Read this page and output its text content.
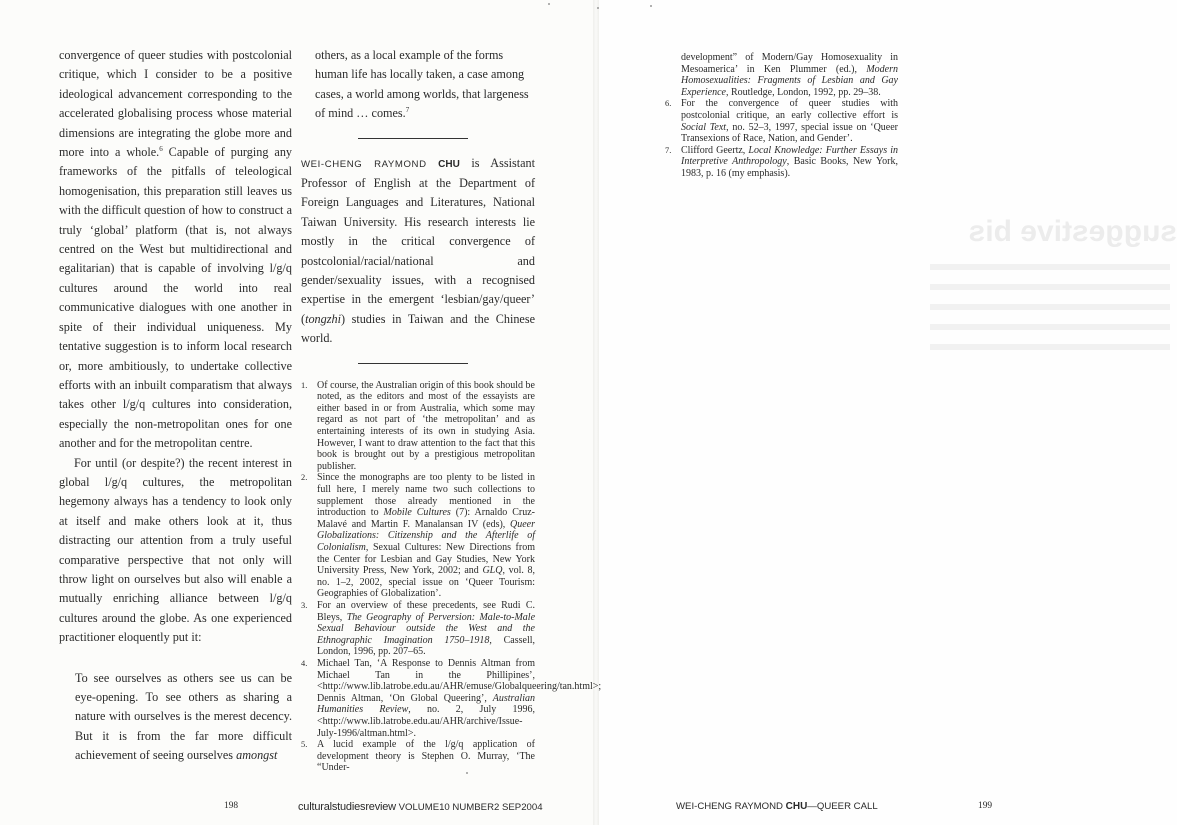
suggestive bis

convergence of queer studies with postcolonial critique, which I consider to be a positive ideological advancement corresponding to the accelerated globalising process whose material dimensions are integrating the globe more and more into a whole.$^6$ Capable of purging any frameworks of the pitfalls of teleological homogenisation, this preparation still leaves us with the difficult question of how to construct a truly ‘global’ platform (that is, not always centred on the West but multidirectional and egalitarian) that is capable of involving l/g/q cultures around the world into real communicative dialogues with one another in spite of their individual uniqueness. My tentative suggestion is to inform local research or, more ambitiously, to undertake collective efforts with an inbuilt comparatism that always takes other l/g/q cultures into consideration, especially the non-metropolitan ones for one another and for the metropolitan centre.

For until (or despite?) the recent interest in global l/g/q cultures, the metropolitan hegemony always has a tendency to look only at itself and make others look at it, thus distracting our attention from a truly useful comparative perspective that not only will throw light on ourselves but also will enable a mutually enriching alliance between l/g/q cultures around the globe. As one experienced practitioner eloquently put it:

To see ourselves as others see us can be eye-opening. To see others as sharing a nature with ourselves is the merest decency. But it is from the far more difficult achievement of seeing ourselves amongst

others, as a local example of the forms human life has locally taken, a case among cases, a world among worlds, that largeness of mind … comes.$^7$

WEI-CHENG RAYMOND CHU is Assistant Professor of English at the Department of Foreign Languages and Literatures, National Taiwan University. His research interests lie mostly in the critical convergence of postcolonial/racial/national and gender/sexuality issues, with a recognised expertise in the emergent ‘lesbian/gay/queer’ (tongzhi) studies in Taiwan and the Chinese world.

1. Of course, the Australian origin of this book should be noted, as the editors and most of the essayists are either based in or from Australia, which some may regard as not part of ‘the metropolitan’ and as entertaining interests of its own in studying Asia. However, I want to draw attention to the fact that this book is brought out by a prestigious metropolitan publisher.
2. Since the monographs are too plenty to be listed in full here, I merely name two such collections to supplement those already mentioned in the introduction to Mobile Cultures (7): Arnaldo Cruz-Malavé and Martin F. Manalansan IV (eds), Queer Globalizations: Citizenship and the Afterlife of Colonialism, Sexual Cultures: New Directions from the Center for Lesbian and Gay Studies, New York University Press, New York, 2002; and GLQ, vol. 8, no. 1–2, 2002, special issue on ‘Queer Tourism: Geographies of Globalization’.
3. For an overview of these precedents, see Rudi C. Bleys, The Geography of Perversion: Male-to-Male Sexual Behaviour outside the West and the Ethnographic Imagination 1750–1918, Cassell, London, 1996, pp. 207–65.
4. Michael Tan, ‘A Response to Dennis Altman from Michael Tan in the Phillipines’, <http://www.lib.latrobe.edu.au/AHR/emuse/Globalqueering/tan.html>; Dennis Altman, ‘On Global Queering’, Australian Humanities Review, no. 2, July 1996, <http://www.lib.latrobe.edu.au/AHR/archive/Issue-July-1996/altman.html>.
5. A lucid example of the l/g/q application of development theory is Stephen O. Murray, ‘The “Under-
198	culturalstudiesreview VOLUME10 NUMBER2 SEP2004
development” of Modern/Gay Homosexuality in Mesoamerica’ in Ken Plummer (ed.), Modern Homosexualities: Fragments of Lesbian and Gay Experience, Routledge, London, 1992, pp. 29–38.
6. For the convergence of queer studies with postcolonial critique, an early collective effort is Social Text, no. 52–3, 1997, special issue on ‘Queer Transexions of Race, Nation, and Gender’.
7. Clifford Geertz, Local Knowledge: Further Essays in Interpretive Anthropology, Basic Books, New York, 1983, p. 16 (my emphasis).
WEI-CHENG RAYMOND CHU—QUEER CALL	199
